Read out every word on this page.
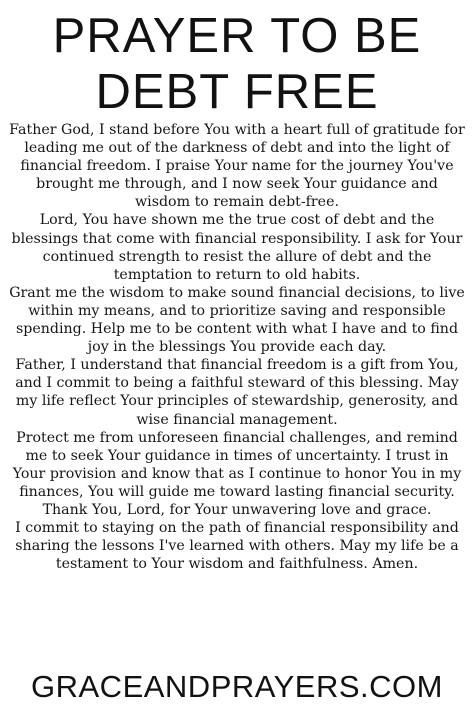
PRAYER TO BE
DEBT FREE

Father God, I stand before You with a heart full of gratitude for leading me out of the darkness of debt and into the light of financial freedom. I praise Your name for the journey You've brought me through, and I now seek Your guidance and wisdom to remain debt-free.

Lord, You have shown me the true cost of debt and the blessings that come with financial responsibility. I ask for Your continued strength to resist the allure of debt and the temptation to return to old habits.

Grant me the wisdom to make sound financial decisions, to live within my means, and to prioritize saving and responsible spending. Help me to be content with what I have and to find joy in the blessings You provide each day.

Father, I understand that financial freedom is a gift from You, and I commit to being a faithful steward of this blessing. May my life reflect Your principles of stewardship, generosity, and wise financial management.

Protect me from unforeseen financial challenges, and remind me to seek Your guidance in times of uncertainty. I trust in Your provision and know that as I continue to honor You in my finances, You will guide me toward lasting financial security.

Thank You, Lord, for Your unwavering love and grace.

I commit to staying on the path of financial responsibility and sharing the lessons I've learned with others. May my life be a testament to Your wisdom and faithfulness. Amen.

GRACEANDPRAYERS.COM
